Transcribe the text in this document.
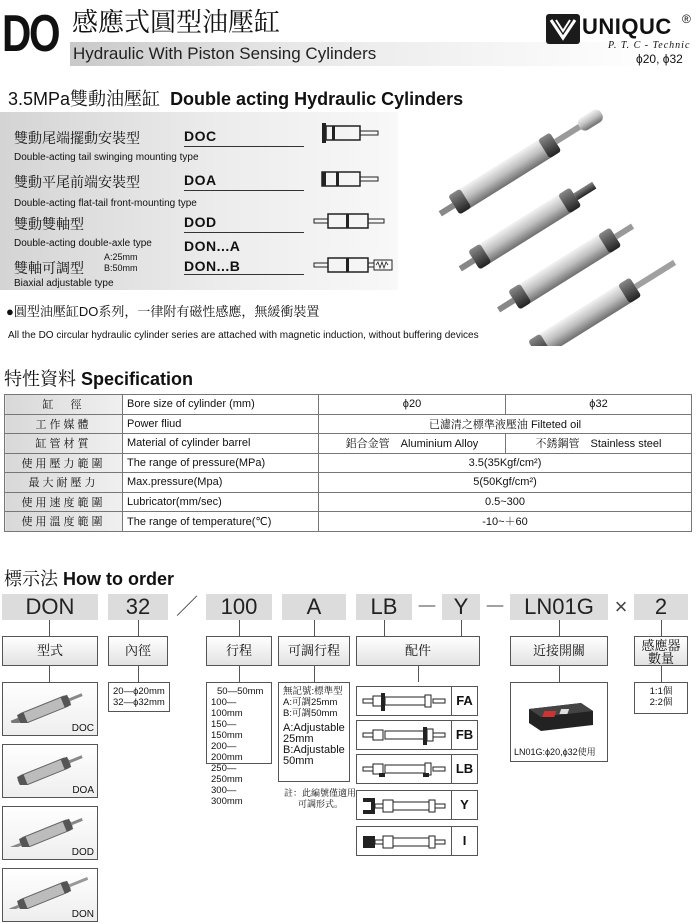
DO 感應式圓型油壓缸
Hydraulic With Piston Sensing Cylinders
UNIQUC ®
P. T. C - Technic
ϕ20, ϕ32
3.5MPa雙動油壓缸 Double acting Hydraulic Cylinders
雙動尾端擺動安裝型	DOC
Double-acting tail swinging mounting type
雙動平尾前端安裝型	DOA
Double-acting flat-tail front-mounting type
雙動雙軸型	DOD
Double-acting double-axle type
雙軸可調型
A:25mm
B:50mm
DON...A
DON...B
Biaxial adjustable type
●圓型油壓缸DO系列，一律附有磁性感應，無緩衝裝置
All the DO circular hydraulic cylinder series are attached with magnetic induction, without buffering devices
特性資料 Specification
缸　徑	Bore size of cylinder (mm)	ϕ20	ϕ32
工作媒體	Power fliud	已濾清之標準液壓油 Filteted oil	
缸管材質	Material of cylinder barrel	鋁合金管　Aluminium Alloy	不銹鋼管　Stainless steel
使用壓力範圍	The range of pressure(MPa)	3.5(35Kgf/cm²)	
最大耐壓力	Max.pressure(Mpa)	5(50Kgf/cm²)	
使用速度範圍	Lubricator(mm/sec)	0.5~300	
使用溫度範圍	The range of temperature(℃)	-10~＋60	
標示法 How to order
DON	32	／	100	A	LB － Y － LN01G ×	2
型式	內徑	行程	可調行程	配件	近接開關	感應器
數量
DOC
DOA
DOD
DON
20—ϕ20mm
32—ϕ32mm
50—50mm
100—100mm
150—150mm
200—200mm
250—250mm
300—300mm
無記號:標準型
A:可調25mm
B:可調50mm
A:Adjustable
25mm
B:Adjustable
50mm
註：此編號僅適用
可調形式。
FA
FB
LB
Y
I
LN01G:ϕ20,ϕ32使用
1:1個
2:2個
